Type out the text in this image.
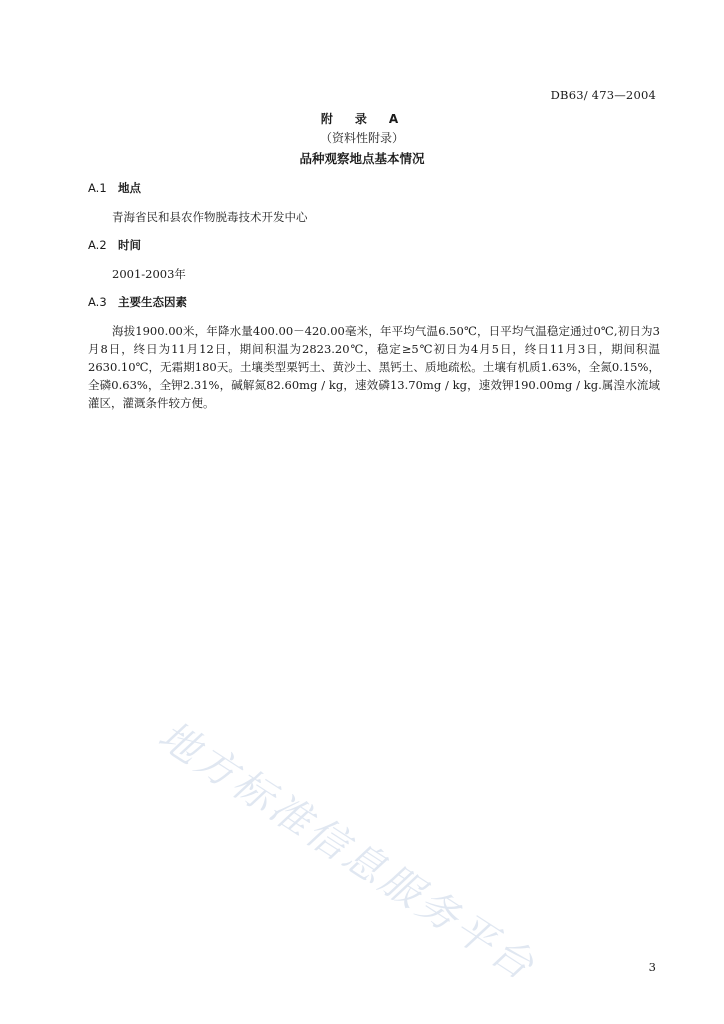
DB63/ 473—2004
附　录　A
（资料性附录）
品种观察地点基本情况
A.1 地点
青海省民和县农作物脱毒技术开发中心
A.2 时间
2001-2003年
A.3 主要生态因素
海拔1900.00米，年降水量400.00－420.00毫米，年平均气温6.50℃，日平均气温稳定通过0℃,初日为3月8日，终日为11月12日，期间积温为2823.20℃，稳定≥5℃初日为4月5日，终日11月3日，期间积温2630.10℃，无霜期180天。土壤类型栗钙土、黄沙土、黑钙土、质地疏松。土壤有机质1.63%，全氮0.15%，全磷0.63%，全钾2.31%，碱解氮82.60mg / kg，速效磷13.70mg / kg，速效钾190.00mg / kg.属湟水流域灌区，灌溉条件较方便。
地方标准信息服务平台	3
